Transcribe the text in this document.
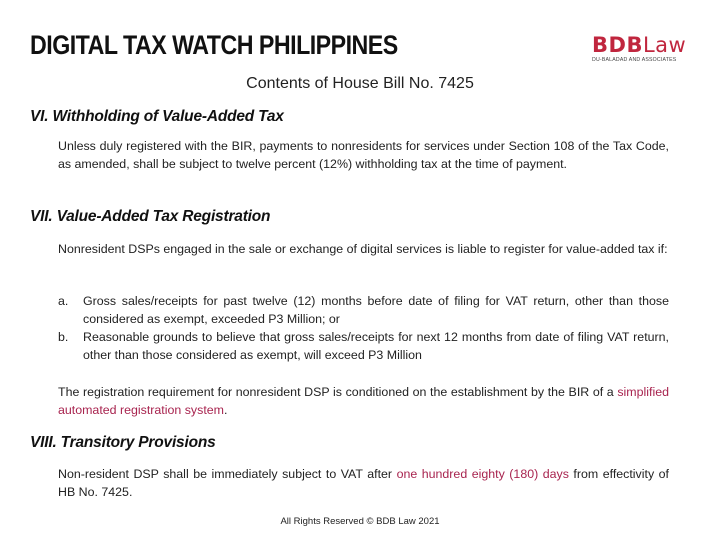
DIGITAL TAX WATCH PHILIPPINES	BDBLaw
DU-BALADAD AND ASSOCIATES
Contents of House Bill No. 7425
VI. Withholding of Value-Added Tax

Unless duly registered with the BIR, payments to nonresidents for services under Section 108 of the Tax Code, as amended, shall be subject to twelve percent (12%) withholding tax at the time of payment.

VII. Value-Added Tax Registration

Nonresident DSPs engaged in the sale or exchange of digital services is liable to register for value-added tax if:

a. Gross sales/receipts for past twelve (12) months before date of filing for VAT return, other than those considered as exempt, exceeded P3 Million; or
b. Reasonable grounds to believe that gross sales/receipts for next 12 months from date of filing VAT return, other than those considered as exempt, will exceed P3 Million

The registration requirement for nonresident DSP is conditioned on the establishment by the BIR of a simplified automated registration system.

VIII. Transitory Provisions

Non-resident DSP shall be immediately subject to VAT after one hundred eighty (180) days from effectivity of HB No. 7425.

All Rights Reserved © BDB Law 2021
